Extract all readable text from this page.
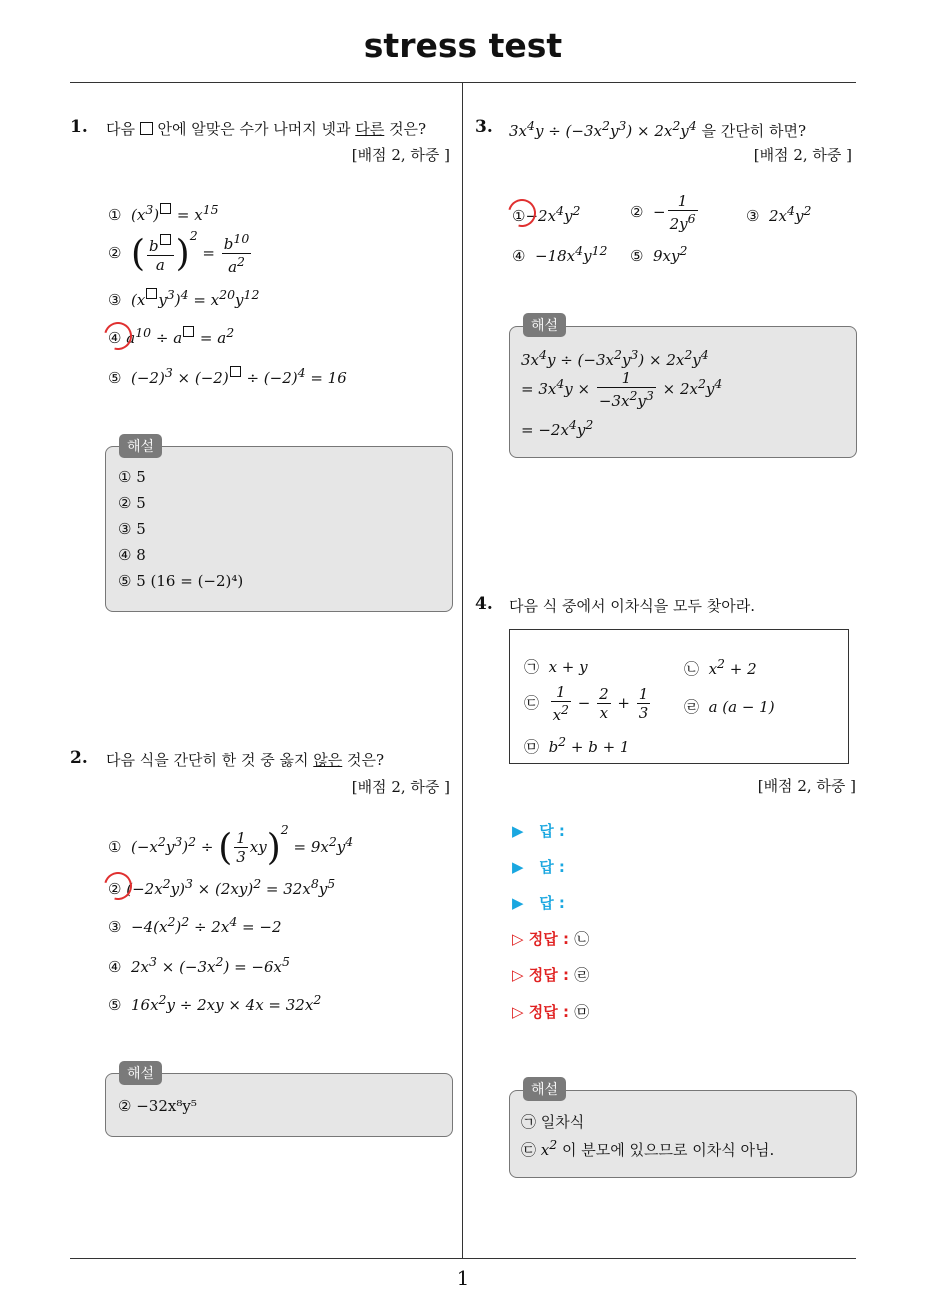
stress test
1
1. 다음 안에 알맞은 수가 나머지 넷과 다른 것은?
[배점 2, 하중 ]
① $(x^3) = x^{15}$
② ( $\frac{b}{a} )^2 = \frac{b^{10}}{a^2}$
③ (x $y^3)^4 = x^{20}y^{12}$
④ $a^{10} \div a = a^2$
⑤ $(-2)^3 \times (-2) \div (-2)^4 = 16$
해설
① 5
② 5
③ 5
④ 8
⑤ 5 (16 = (−2)⁴)
2. 다음 식을 간단히 한 것 중 옳지 않은 것은?
[배점 2, 하중 ]
① $(-x^2y^3)^2$ ÷ ( $\frac{1}{3} xy)^2 = 9x^2y^4$
② $(-2x^2y)^3 \times (2xy)^2 = 32x^8y^5$
③ $-4(x^2)^2 \div 2x^4 = -2$
④ $2x^3 \times (-3x^2) = -6x^5$
⑤ $16x^2y \div 2xy \times 4x = 32x^2$
해설
② −32x⁸y⁵
3. $3x^4y \div (-3x^2y^3) \times 2x^2y^4$ 을 간단히 하면?
[배점 2, 하중 ]
$①-2x^4y^2$	② − $\frac{1}{2y^6}$	③ $2x^4y^2$
④ $-18x^4y^{12}$ ⑤ $9xy^2$
해설
$3x^4y \div (-3x^2y^3) \times 2x^2y^4$
= $3x^4y \times \frac{1}{-3x^2y^3} \times 2x^2y^4$
= $-2x^4y^2$
4. 다음 식 중에서 이차식을 모두 찾아라.
㉠ x + y	㉡ $x^2 + 2$
㉢ $\frac{1}{x^2} - \frac{2}{x} + \frac{1}{3}$ ㉣ a (a − 1)
㉤ $b^2 + b + 1$
[배점 2, 하중 ]
▶ 답 :
▶ 답 :
▶ 답 :
▷ 정답 : ㉡
▷ 정답 : ㉣
▷ 정답 : ㉤
해설
㉠ 일차식
㉢ $x^2$ 이 분모에 있으므로 이차식 아님.
